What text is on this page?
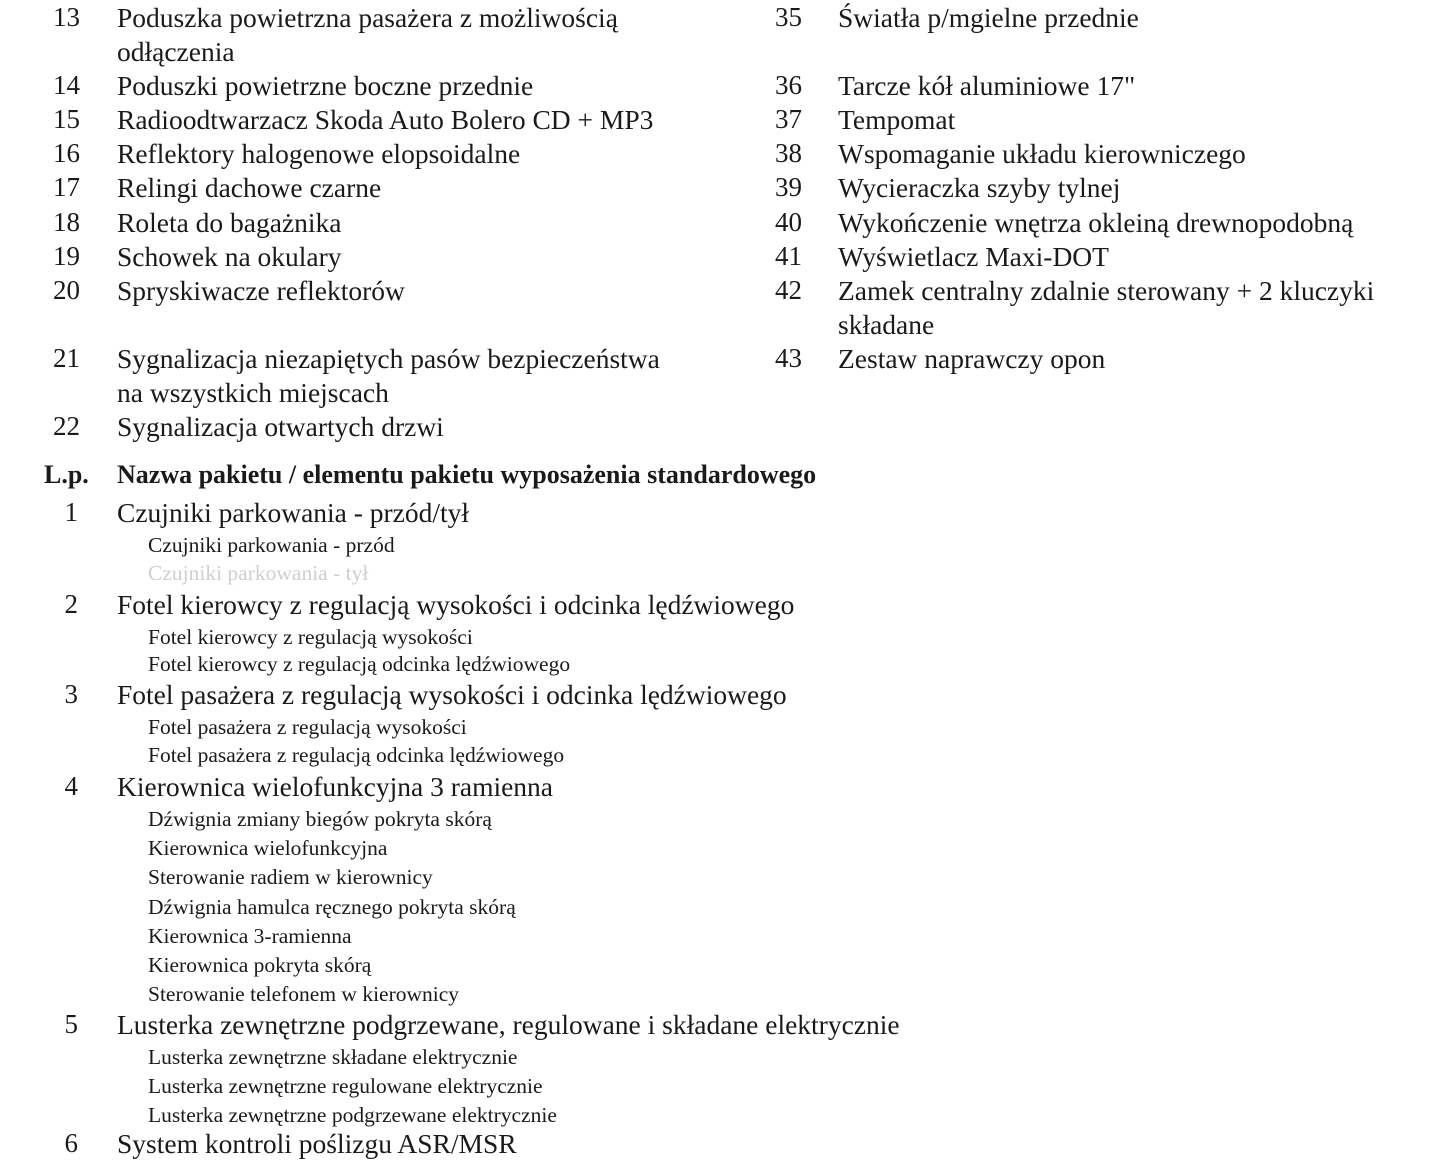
13 Poduszka powietrzna pasażera z możliwością
odłączenia
14 Poduszki powietrzne boczne przednie
15 Radioodtwarzacz Skoda Auto Bolero CD + MP3
16 Reflektory halogenowe elopsoidalne
17 Relingi dachowe czarne
18 Roleta do bagażnika
19 Schowek na okulary
20 Spryskiwacze reflektorów
21 Sygnalizacja niezapiętych pasów bezpieczeństwa
na wszystkich miejscach
22 Sygnalizacja otwartych drzwi
35 Światła p/mgielne przednie
36 Tarcze kół aluminiowe 17"
37 Tempomat
38 Wspomaganie układu kierowniczego
39 Wycieraczka szyby tylnej
40 Wykończenie wnętrza okleiną drewnopodobną
41 Wyświetlacz Maxi-DOT
42 Zamek centralny zdalnie sterowany + 2 kluczyki
składane
43 Zestaw naprawczy opon
L.p. Nazwa pakietu / elementu pakietu wyposażenia standardowego
1 Czujniki parkowania - przód/tył
Czujniki parkowania - przód
Czujniki parkowania - tył
2 Fotel kierowcy z regulacją wysokości i odcinka lędźwiowego
Fotel kierowcy z regulacją wysokości
Fotel kierowcy z regulacją odcinka lędźwiowego
3 Fotel pasażera z regulacją wysokości i odcinka lędźwiowego
Fotel pasażera z regulacją wysokości
Fotel pasażera z regulacją odcinka lędźwiowego
4 Kierownica wielofunkcyjna 3 ramienna
Dźwignia zmiany biegów pokryta skórą
Kierownica wielofunkcyjna
Sterowanie radiem w kierownicy
Dźwignia hamulca ręcznego pokryta skórą
Kierownica 3-ramienna
Kierownica pokryta skórą
Sterowanie telefonem w kierownicy
5 Lusterka zewnętrzne podgrzewane, regulowane i składane elektrycznie
Lusterka zewnętrzne składane elektrycznie
Lusterka zewnętrzne regulowane elektrycznie
Lusterka zewnętrzne podgrzewane elektrycznie
6 System kontroli poślizgu ASR/MSR
